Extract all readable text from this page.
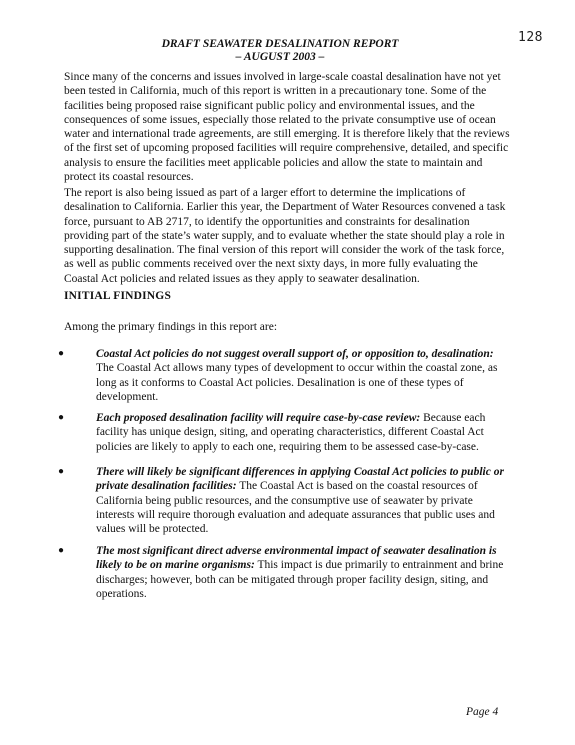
128
DRAFT SEAWATER DESALINATION REPORT
– AUGUST 2003 –

Since many of the concerns and issues involved in large-scale coastal desalination have not yet been tested in California, much of this report is written in a precautionary tone. Some of the facilities being proposed raise significant public policy and environmental issues, and the consequences of some issues, especially those related to the private consumptive use of ocean water and international trade agreements, are still emerging. It is therefore likely that the reviews of the first set of upcoming proposed facilities will require comprehensive, detailed, and specific analysis to ensure the facilities meet applicable policies and allow the state to maintain and protect its coastal resources.

The report is also being issued as part of a larger effort to determine the implications of desalination to California. Earlier this year, the Department of Water Resources convened a task force, pursuant to AB 2717, to identify the opportunities and constraints for desalination providing part of the state’s water supply, and to evaluate whether the state should play a role in supporting desalination. The final version of this report will consider the work of the task force, as well as public comments received over the next sixty days, in more fully evaluating the Coastal Act policies and related issues as they apply to seawater desalination.

INITIAL FINDINGS
Among the primary findings in this report are:
●	Coastal Act policies do not suggest overall support of, or opposition to, desalination: The Coastal Act allows many types of development to occur within the coastal zone, as long as it conforms to Coastal Act policies. Desalination is one of these types of development.
●	Each proposed desalination facility will require case-by-case review: Because each facility has unique design, siting, and operating characteristics, different Coastal Act policies are likely to apply to each one, requiring them to be assessed case-by-case.
●	There will likely be significant differences in applying Coastal Act policies to public or private desalination facilities: The Coastal Act is based on the coastal resources of California being public resources, and the consumptive use of seawater by private interests will require thorough evaluation and adequate assurances that public uses and values will be protected.
●	The most significant direct adverse environmental impact of seawater desalination is likely to be on marine organisms: This impact is due primarily to entrainment and brine discharges; however, both can be mitigated through proper facility design, siting, and operations.
Page 4
